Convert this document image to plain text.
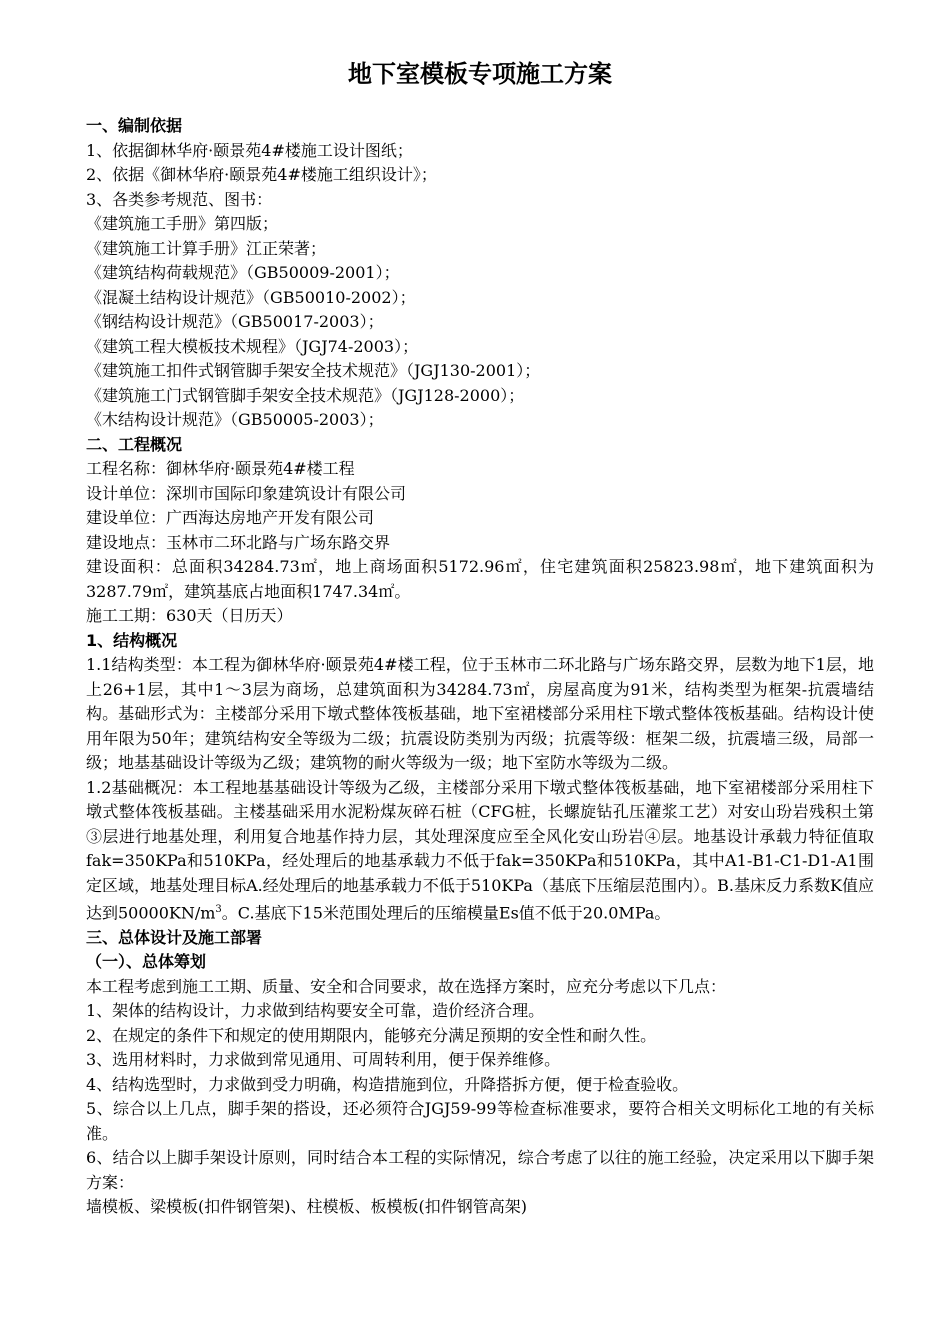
地下室模板专项施工方案
一、编制依据
1、依据御林华府·颐景苑4#楼施工设计图纸；
2、依据《御林华府·颐景苑4#楼施工组织设计》；
3、各类参考规范、图书：
《建筑施工手册》第四版；
《建筑施工计算手册》江正荣著；
《建筑结构荷载规范》（GB50009-2001）；
《混凝土结构设计规范》（GB50010-2002）；
《钢结构设计规范》（GB50017-2003）；
《建筑工程大模板技术规程》（JGJ74-2003）；
《建筑施工扣件式钢管脚手架安全技术规范》（JGJ130-2001）；
《建筑施工门式钢管脚手架安全技术规范》（JGJ128-2000）；
《木结构设计规范》（GB50005-2003）；
二、工程概况
工程名称：御林华府·颐景苑4#楼工程
设计单位：深圳市国际印象建筑设计有限公司
建设单位：广西海达房地产开发有限公司
建设地点：玉林市二环北路与广场东路交界
建设面积：总面积34284.73㎡，地上商场面积5172.96㎡，住宅建筑面积25823.98㎡，地下建筑面积为3287.79㎡，建筑基底占地面积1747.34㎡。
施工工期：630天（日历天）
1、结构概况
1.1结构类型：本工程为御林华府·颐景苑4#楼工程，位于玉林市二环北路与广场东路交界，层数为地下1层，地上26+1层，其中1～3层为商场，总建筑面积为34284.73㎡，房屋高度为91米，结构类型为框架-抗震墙结构。基础形式为：主楼部分采用下墩式整体筏板基础，地下室裙楼部分采用柱下墩式整体筏板基础。结构设计使用年限为50年；建筑结构安全等级为二级；抗震设防类别为丙级；抗震等级：框架二级，抗震墙三级，局部一级；地基基础设计等级为乙级；建筑物的耐火等级为一级；地下室防水等级为二级。
1.2基础概况：本工程地基基础设计等级为乙级，主楼部分采用下墩式整体筏板基础，地下室裙楼部分采用柱下墩式整体筏板基础。主楼基础采用水泥粉煤灰碎石桩（CFG桩，长螺旋钻孔压灌浆工艺）对安山玢岩残积土第③层进行地基处理，利用复合地基作持力层，其处理深度应至全风化安山玢岩④层。地基设计承载力特征值取fak=350KPa和510KPa，经处理后的地基承载力不低于fak=350KPa和510KPa，其中A1-B1-C1-D1-A1围定区域，地基处理目标A.经处理后的地基承载力不低于510KPa（基底下压缩层范围内）。B.基床反力系数K值应达到$50000KN/m^3$。C.基底下15米范围处理后的压缩模量Es值不低于20.0MPa。
三、总体设计及施工部署
（一）、总体筹划
本工程考虑到施工工期、质量、安全和合同要求，故在选择方案时，应充分考虑以下几点：
1、架体的结构设计，力求做到结构要安全可靠，造价经济合理。
2、在规定的条件下和规定的使用期限内，能够充分满足预期的安全性和耐久性。
3、选用材料时，力求做到常见通用、可周转利用，便于保养维修。
4、结构选型时，力求做到受力明确，构造措施到位，升降搭拆方便，便于检查验收。
5、综合以上几点，脚手架的搭设，还必须符合JGJ59-99等检查标准要求，要符合相关文明标化工地的有关标准。
6、结合以上脚手架设计原则，同时结合本工程的实际情况，综合考虑了以往的施工经验，决定采用以下脚手架方案：
墙模板、梁模板(扣件钢管架)、柱模板、板模板(扣件钢管高架)
